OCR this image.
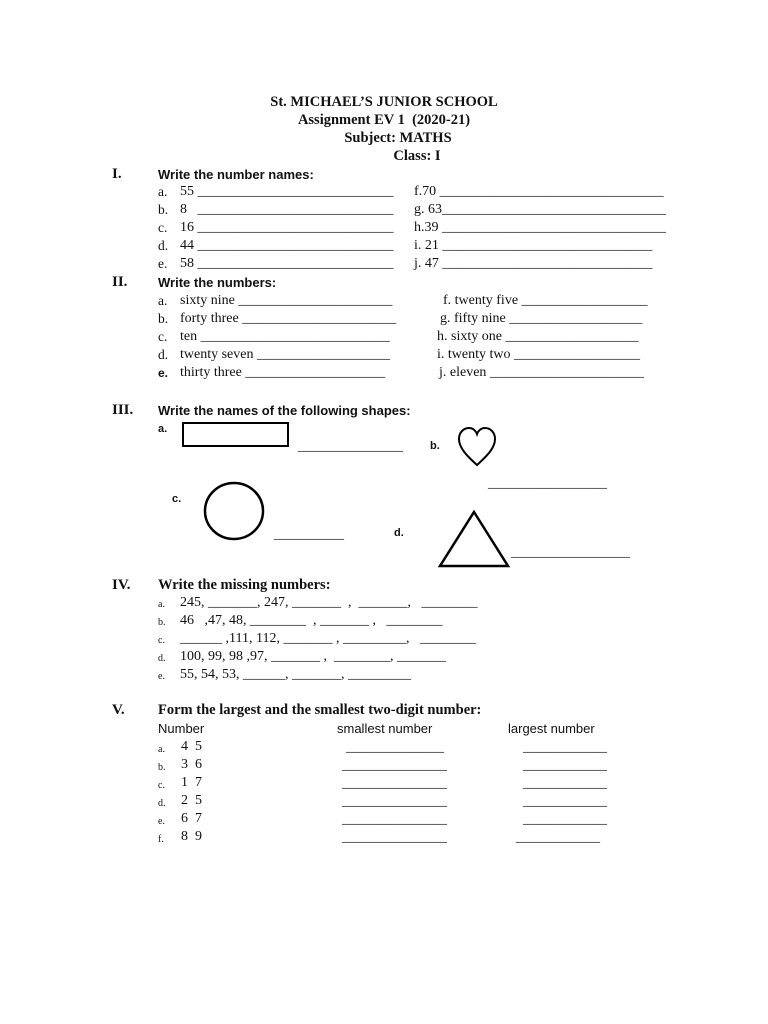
St. MICHAEL’S JUNIOR SCHOOL
Assignment EV 1  (2020-21)
Subject: MATHS
Class: I
I.	Write the number names:
a. 55 ____________________________
b. 8   ____________________________
c. 16 ____________________________
d. 44 ____________________________
e. 58 ____________________________
f.70 ________________________________
g. 63________________________________
h.39 ________________________________
i. 21 ______________________________
j. 47 ______________________________
II. Write the numbers:
a. sixty nine ______________________
b. forty three ______________________
c. ten ___________________________
d. twenty seven ___________________
e. thirty three ____________________
f. twenty five __________________
g. fifty nine ___________________
h. sixty one ___________________
i. twenty two __________________
j. eleven ______________________
III. Write the names of the following shapes:
a.
_______________ b.
_________________
c.
__________	d.
_________________
IV. Write the missing numbers:
a. 245, _______, 247, _______  ,  _______,   ________
b. 46   ,47, 48, ________  , _______ ,   ________
c. ______ ,111, 112, _______ , _________,   ________
d. 100, 99, 98 ,97, _______ ,  ________, _______
e. 55, 54, 53, ______, _______, _________
V. Form the largest and the smallest two-digit number:
Number	smallest number	largest number
a. 4  5	______________	____________
b. 3  6	_______________	____________
c. 1  7	_______________	____________
d. 2  5	_______________	____________
e. 6  7	_______________	____________
f. 8  9	_______________	____________
